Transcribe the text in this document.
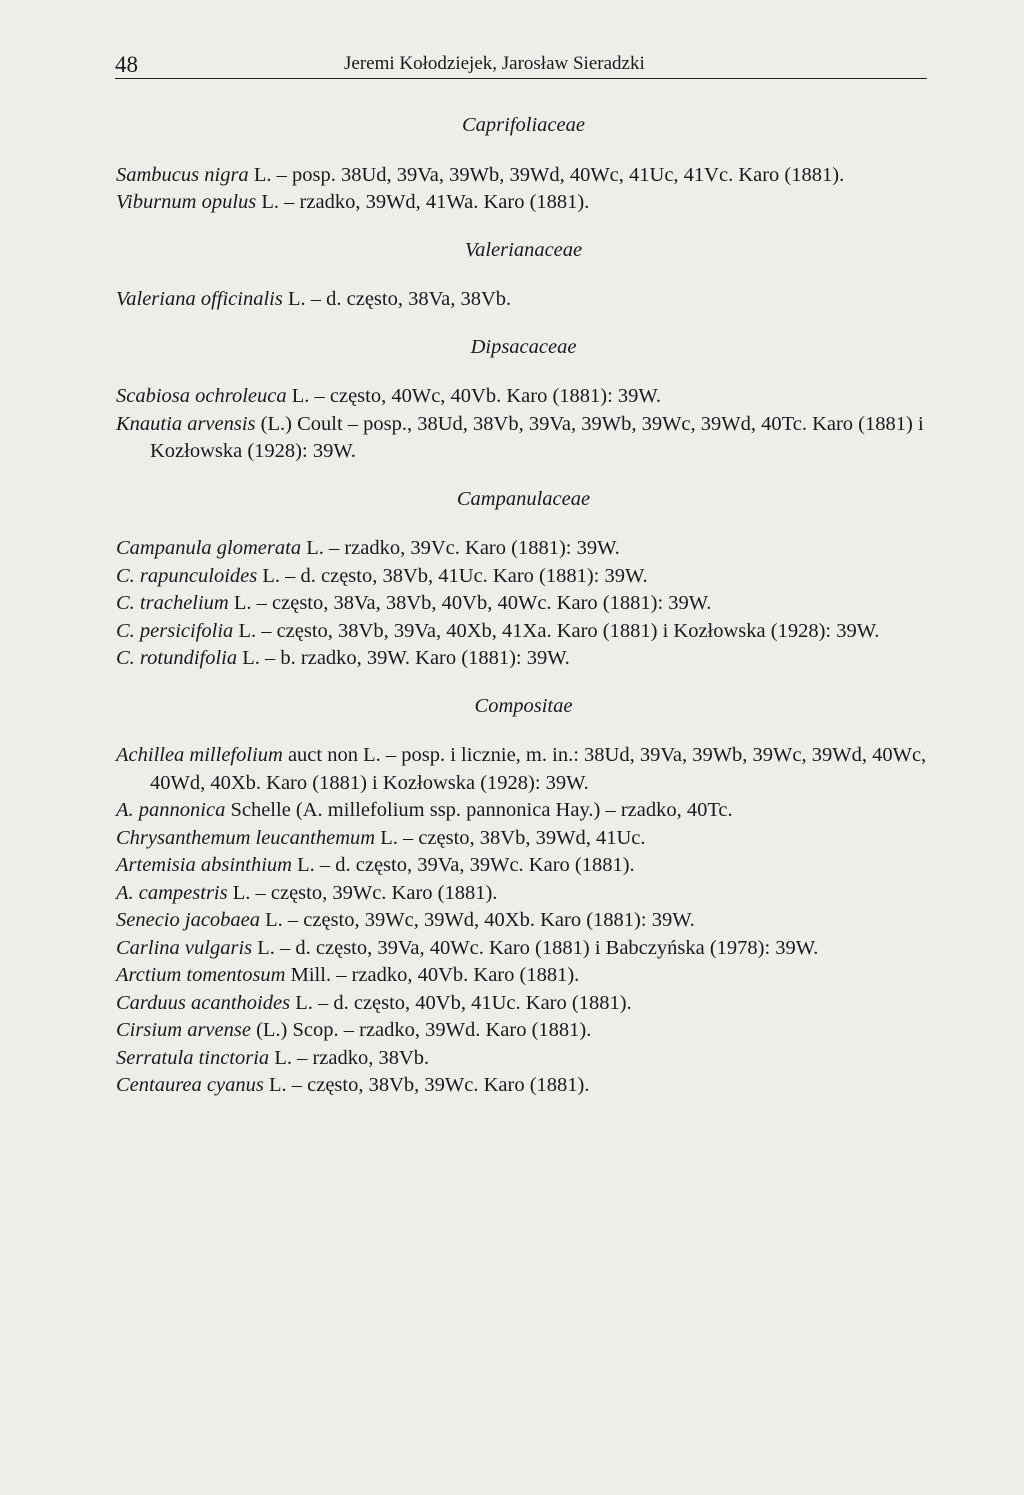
48	Jeremi Kołodziejek, Jarosław Sieradzki

Caprifoliaceae

Sambucus nigra L. – posp. 38Ud, 39Va, 39Wb, 39Wd, 40Wc, 41Uc, 41Vc. Karo (1881).

Viburnum opulus L. – rzadko, 39Wd, 41Wa. Karo (1881).

Valerianaceae

Valeriana officinalis L. – d. często, 38Va, 38Vb.

Dipsacaceae

Scabiosa ochroleuca L. – często, 40Wc, 40Vb. Karo (1881): 39W.

Knautia arvensis (L.) Coult – posp., 38Ud, 38Vb, 39Va, 39Wb, 39Wc, 39Wd, 40Tc. Karo (1881) i Kozłowska (1928): 39W.

Campanulaceae

Campanula glomerata L. – rzadko, 39Vc. Karo (1881): 39W.

C. rapunculoides L. – d. często, 38Vb, 41Uc. Karo (1881): 39W.

C. trachelium L. – często, 38Va, 38Vb, 40Vb, 40Wc. Karo (1881): 39W.

C. persicifolia L. – często, 38Vb, 39Va, 40Xb, 41Xa. Karo (1881) i Kozłowska (1928): 39W.

C. rotundifolia L. – b. rzadko, 39W. Karo (1881): 39W.

Compositae

Achillea millefolium auct non L. – posp. i licznie, m. in.: 38Ud, 39Va, 39Wb, 39Wc, 39Wd, 40Wc, 40Wd, 40Xb. Karo (1881) i Kozłowska (1928): 39W.

A. pannonica Schelle (A. millefolium ssp. pannonica Hay.) – rzadko, 40Tc.

Chrysanthemum leucanthemum L. – często, 38Vb, 39Wd, 41Uc.

Artemisia absinthium L. – d. często, 39Va, 39Wc. Karo (1881).

A. campestris L. – często, 39Wc. Karo (1881).

Senecio jacobaea L. – często, 39Wc, 39Wd, 40Xb. Karo (1881): 39W.

Carlina vulgaris L. – d. często, 39Va, 40Wc. Karo (1881) i Babczyńska (1978): 39W.

Arctium tomentosum Mill. – rzadko, 40Vb. Karo (1881).

Carduus acanthoides L. – d. często, 40Vb, 41Uc. Karo (1881).

Cirsium arvense (L.) Scop. – rzadko, 39Wd. Karo (1881).

Serratula tinctoria L. – rzadko, 38Vb.

Centaurea cyanus L. – często, 38Vb, 39Wc. Karo (1881).
